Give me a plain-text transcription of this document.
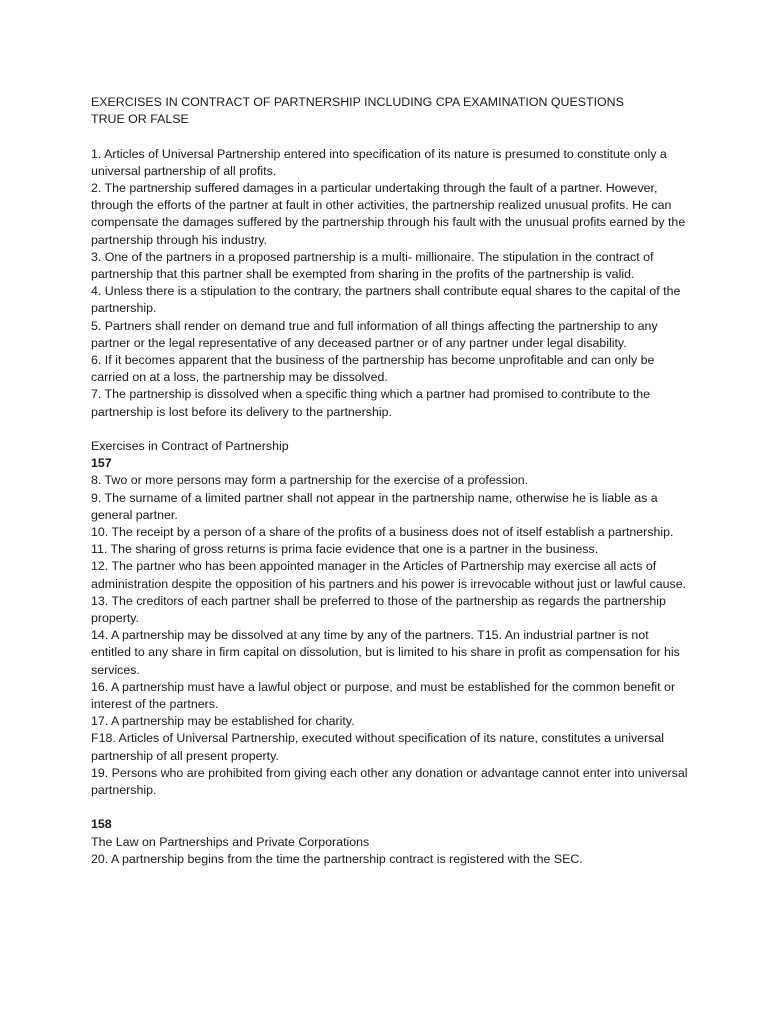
EXERCISES IN CONTRACT OF PARTNERSHIP INCLUDING CPA EXAMINATION QUESTIONS

TRUE OR FALSE

1. Articles of Universal Partnership entered into specification of its nature is presumed to constitute only a universal partnership of all profits.

2. The partnership suffered damages in a particular undertaking through the fault of a partner. However, through the efforts of the partner at fault in other activities, the partnership realized unusual profits. He can compensate the damages suffered by the partnership through his fault with the unusual profits earned by the partnership through his industry.

3. One of the partners in a proposed partnership is a multi- millionaire. The stipulation in the contract of partnership that this partner shall be exempted from sharing in the profits of the partnership is valid.

4. Unless there is a stipulation to the contrary, the partners shall contribute equal shares to the capital of the partnership.

5. Partners shall render on demand true and full information of all things affecting the partnership to any partner or the legal representative of any deceased partner or of any partner under legal disability.

6. If it becomes apparent that the business of the partnership has become unprofitable and can only be carried on at a loss, the partnership may be dissolved.

7. The partnership is dissolved when a specific thing which a partner had promised to contribute to the partnership is lost before its delivery to the partnership.

Exercises in Contract of Partnership

157

8. Two or more persons may form a partnership for the exercise of a profession.

9. The surname of a limited partner shall not appear in the partnership name, otherwise he is liable as a general partner.

10. The receipt by a person of a share of the profits of a business does not of itself establish a partnership.

11. The sharing of gross returns is prima facie evidence that one is a partner in the business.

12. The partner who has been appointed manager in the Articles of Partnership may exercise all acts of administration despite the opposition of his partners and his power is irrevocable without just or lawful cause.

13. The creditors of each partner shall be preferred to those of the partnership as regards the partnership property.

14. A partnership may be dissolved at any time by any of the partners. T15. An industrial partner is not entitled to any share in firm capital on dissolution, but is limited to his share in profit as compensation for his services.

16. A partnership must have a lawful object or purpose, and must be established for the common benefit or interest of the partners.

17. A partnership may be established for charity.

F18. Articles of Universal Partnership, executed without specification of its nature, constitutes a universal partnership of all present property.

19. Persons who are prohibited from giving each other any donation or advantage cannot enter into universal partnership.

158

The Law on Partnerships and Private Corporations

20. A partnership begins from the time the partnership contract is registered with the SEC.
